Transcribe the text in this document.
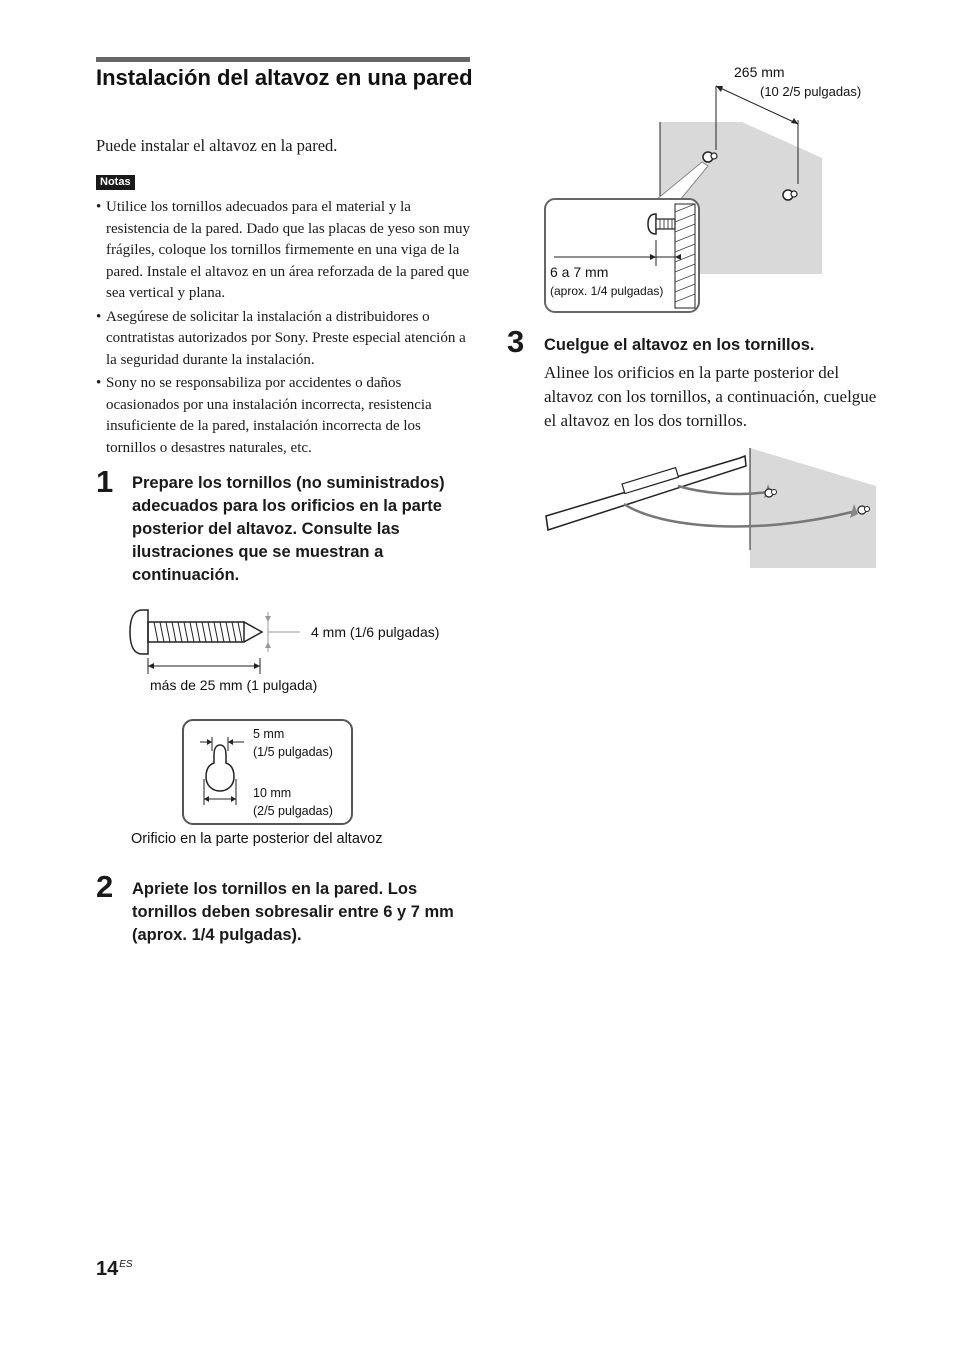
Instalación del altavoz en una pared
Puede instalar el altavoz en la pared.
Notas
• Utilice los tornillos adecuados para el material y la resistencia de la pared. Dado que las placas de yeso son muy frágiles, coloque los tornillos firmemente en una viga de la pared. Instale el altavoz en un área reforzada de la pared que sea vertical y plana.
• Asegúrese de solicitar la instalación a distribuidores o contratistas autorizados por Sony. Preste especial atención a la seguridad durante la instalación.
• Sony no se responsabiliza por accidentes o daños ocasionados por una instalación incorrecta, resistencia insuficiente de la pared, instalación incorrecta de los tornillos o desastres naturales, etc.
1 Prepare los tornillos (no suministrados) adecuados para los orificios en la parte posterior del altavoz. Consulte las ilustraciones que se muestran a continuación.
4 mm (1/6 pulgadas)
más de 25 mm (1 pulgada)
5 mm
(1/5 pulgadas)
10 mm
(2/5 pulgadas)
Orificio en la parte posterior del altavoz
2 Apriete los tornillos en la pared. Los tornillos deben sobresalir entre 6 y 7 mm (aprox. 1/4 pulgadas).
265 mm
(10 2/5 pulgadas)
6 a 7 mm
(aprox. 1/4 pulgadas)
3 Cuelgue el altavoz en los tornillos.
Alinee los orificios en la parte posterior del altavoz con los tornillos, a continuación, cuelgue el altavoz en los dos tornillos.
$14^{ES}$
